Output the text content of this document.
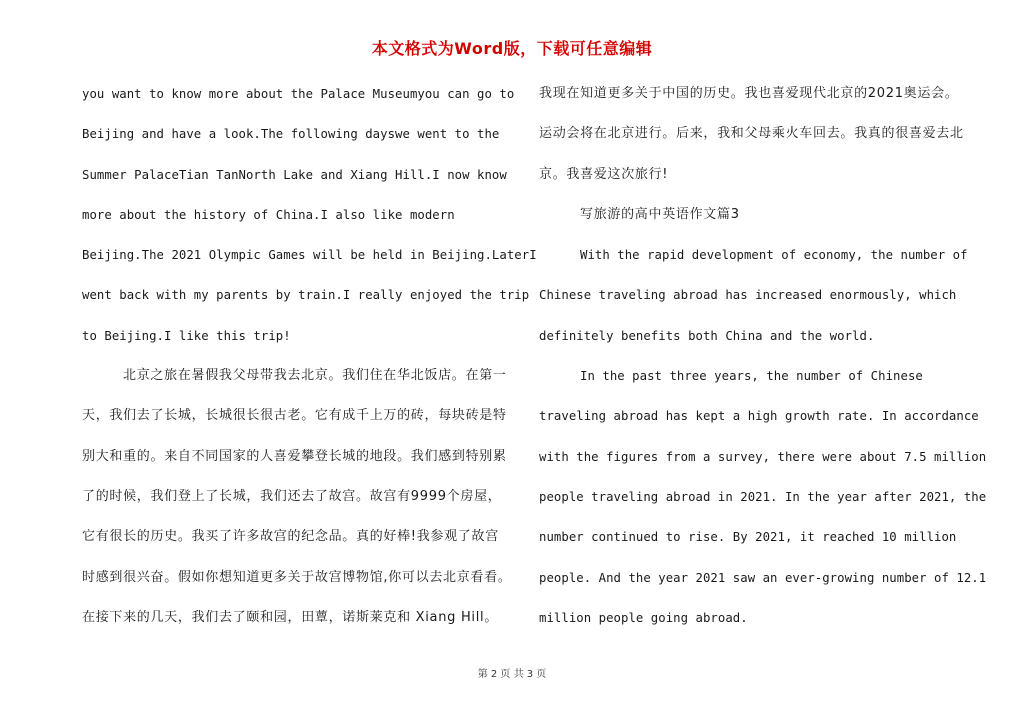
本文格式为Word版，下载可任意编辑
you want to know more about the Palace Museumyou can go to
Beijing and have a look.The following dayswe went to the
Summer PalaceTian TanNorth Lake and Xiang Hill.I now know
more about the history of China.I also like modern
Beijing.The 2021 Olympic Games will be held in Beijing.LaterI
went back with my parents by train.I really enjoyed the trip
to Beijing.I like this trip!
北京之旅在暑假我父母带我去北京。我们住在华北饭店。在第一
天，我们去了长城，长城很长很古老。它有成千上万的砖，每块砖是特
别大和重的。来自不同国家的人喜爱攀登长城的地段。我们感到特别累
了的时候，我们登上了长城，我们还去了故宫。故宫有9999个房屋，
它有很长的历史。我买了许多故宫的纪念品。真的好棒!我参观了故宫
时感到很兴奋。假如你想知道更多关于故宫博物馆,你可以去北京看看。
在接下来的几天，我们去了颐和园，田蕈，诺斯莱克和 Xiang Hill。
我现在知道更多关于中国的历史。我也喜爱现代北京的2021奥运会。
运动会将在北京进行。后来，我和父母乘火车回去。我真的很喜爱去北
京。我喜爱这次旅行!
写旅游的高中英语作文篇3
With the rapid development of economy, the number of
Chinese traveling abroad has increased enormously, which
definitely benefits both China and the world.
In the past three years, the number of Chinese
traveling abroad has kept a high growth rate. In accordance
with the figures from a survey, there were about 7.5 million
people traveling abroad in 2021. In the year after 2021, the
number continued to rise. By 2021, it reached 10 million
people. And the year 2021 saw an ever-growing number of 12.1
million people going abroad.
第 2 页 共 3 页
